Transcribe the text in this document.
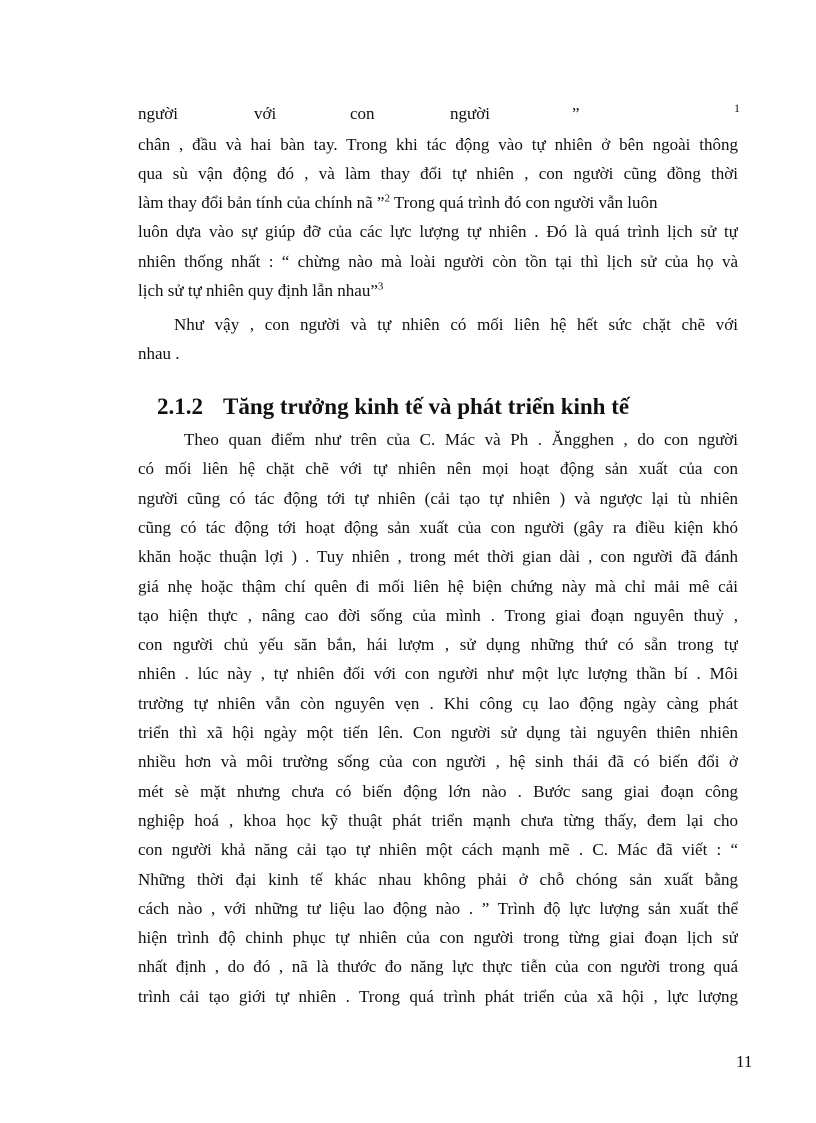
người	với	con	người	”	1
chân , đầu và hai bàn tay. Trong khi tác động vào tự nhiên ở bên ngoài thông
qua sù vận động đó , và làm thay đổi tự nhiên , con người cũng đồng thời
làm thay đổi bản tính của chính nã ”$^2$ Trong quá trình đó con người vẫn luôn
luôn dựa vào sự giúp đỡ của các lực lượng tự nhiên . Đó là quá trình lịch sử tự
nhiên thống nhất : “ chừng nào mà loài người còn tồn tại thì lịch sử của họ và
lịch sử tự nhiên quy định lẫn nhau”$^3$
Như vậy , con người và tự nhiên có mối liên hệ hết sức chặt chẽ với
nhau .
2.1.2 Tăng trưởng kinh tế và phát triển kinh tế
Theo quan điểm như trên của C. Mác và Ph . Ăngghen , do con người
có mối liên hệ chặt chẽ với tự nhiên nên mọi hoạt động sản xuất của con
người cũng có tác động tới tự nhiên (cải tạo tự nhiên ) và ngược lại tù nhiên
cũng có tác động tới hoạt động sản xuất của con người (gây ra điều kiện khó
khăn hoặc thuận lợi ) . Tuy nhiên , trong mét thời gian dài , con người đã đánh
giá nhẹ hoặc thậm chí quên đi mối liên hệ biện chứng này mà chỉ mải mê cải
tạo hiện thực , nâng cao đời sống của mình . Trong giai đoạn nguyên thuỷ ,
con người chủ yếu săn bắn, hái lượm , sử dụng những thứ có sẵn trong tự
nhiên . lúc này , tự nhiên đối với con người như một lực lượng thần bí . Môi
trường tự nhiên vẫn còn nguyên vẹn . Khi công cụ lao động ngày càng phát
triển thì xã hội ngày một tiến lên. Con người sử dụng tài nguyên thiên nhiên
nhiều hơn và môi trường sống của con người , hệ sinh thái đã có biến đổi ở
mét sè mặt nhưng chưa có biến động lớn nào . Bước sang giai đoạn công
nghiệp hoá , khoa học kỹ thuật phát triển mạnh chưa từng thấy, đem lại cho
con người khả năng cải tạo tự nhiên một cách mạnh mẽ . C. Mác đã viết : “
Những thời đại kinh tế khác nhau không phải ở chỗ chóng sản xuất bằng
cách nào , với những tư liệu lao động nào . ” Trình độ lực lượng sản xuất thể
hiện trình độ chinh phục tự nhiên của con người trong từng giai đoạn lịch sử
nhất định , do đó , nã là thước đo năng lực thực tiễn của con người trong quá
trình cải tạo giới tự nhiên . Trong quá trình phát triển của xã hội , lực lượng
11
